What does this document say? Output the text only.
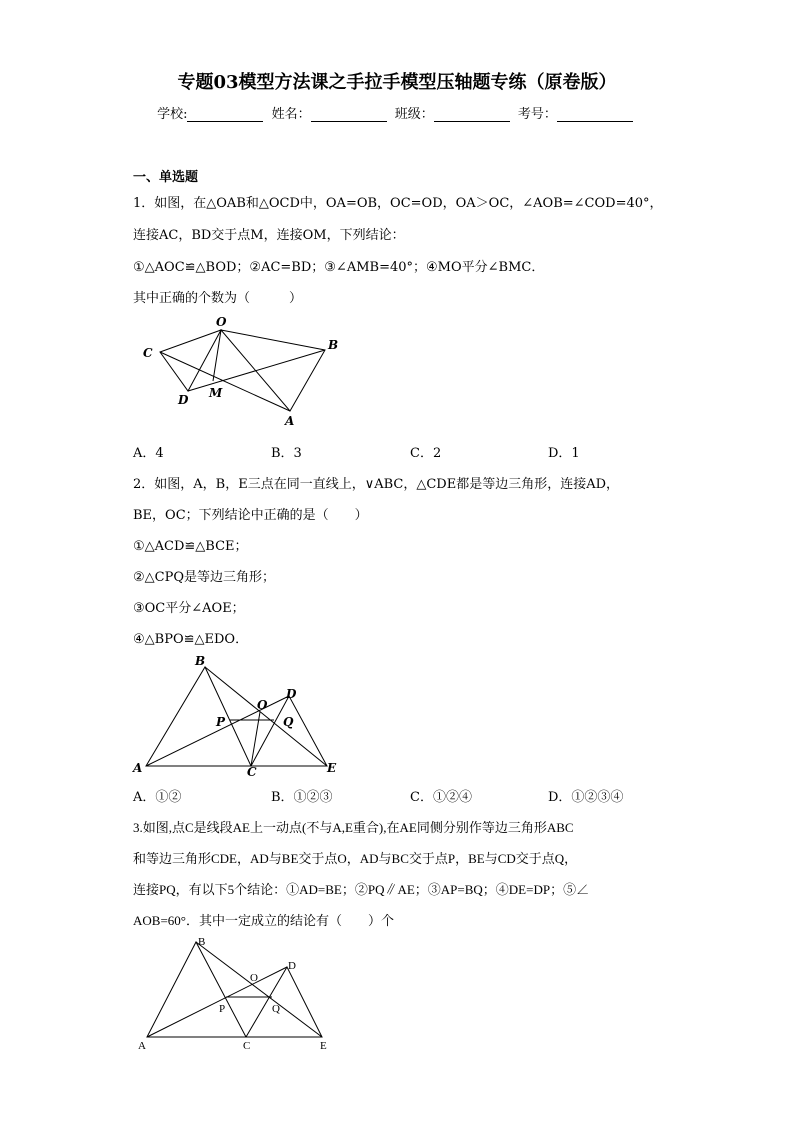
专题03模型方法课之手拉手模型压轴题专练（原卷版）
学校:	姓名：	班级：	考号：
一、单选题
1．如图，在△OAB和△OCD中，OA=OB，OC=OD，OA＞OC，∠AOB=∠COD=40°，
连接AC，BD交于点M，连接OM，下列结论：
①△AOC≌△BOD；②AC=BD；③∠AMB=40°；④MO平分∠BMC．
其中正确的个数为（　　　）
O
B
C
D M
A
B
D
O
P	Q
A	C	E
B
O
D
P	Q
A	C	E
A．4	B．3	C．2	D．1
2．如图，A，B，E三点在同一直线上，∨ABC，△CDE都是等边三角形，连接AD，
BE，OC；下列结论中正确的是（　　）
①△ACD≌△BCE；
②△CPQ是等边三角形；
③OC平分∠AOE；
④△BPO≌△EDO．
A．①②	B．①②③	C．①②④	D．①②③④
3.如图,点C是线段AE上一动点(不与A,E重合),在AE同侧分别作等边三角形ABC
和等边三角形CDE，AD与BE交于点O，AD与BC交于点P，BE与CD交于点Q，
连接PQ，有以下5个结论：①AD=BE；②PQ∥AE；③AP=BQ；④DE=DP；⑤∠
AOB=60°．其中一定成立的结论有（　　）个
